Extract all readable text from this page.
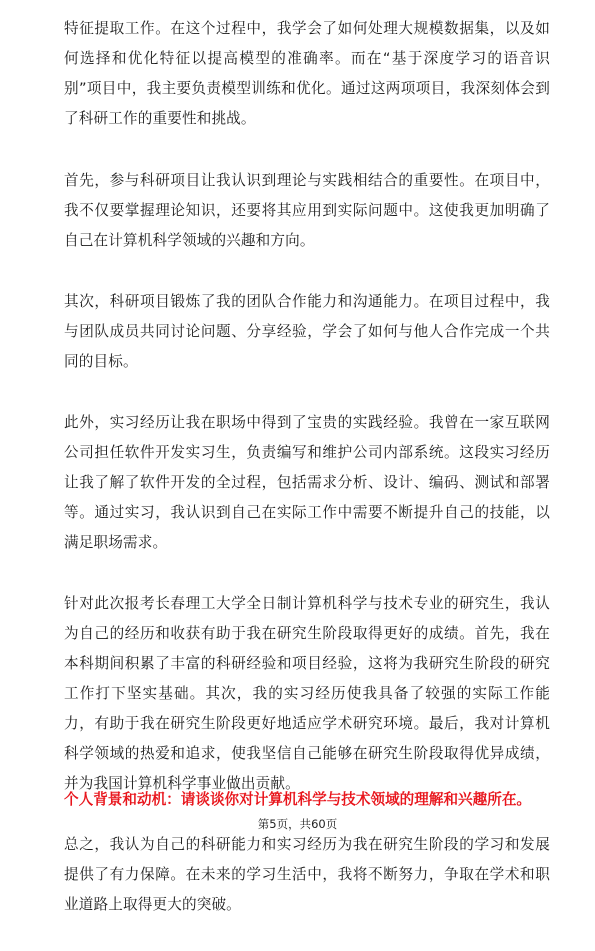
特征提取工作。在这个过程中，我学会了如何处理大规模数据集，以及如何选择和优化特征以提高模型的准确率。而在“基于深度学习的语音识别”项目中，我主要负责模型训练和优化。通过这两项项目，我深刻体会到了科研工作的重要性和挑战。

首先，参与科研项目让我认识到理论与实践相结合的重要性。在项目中，我不仅要掌握理论知识，还要将其应用到实际问题中。这使我更加明确了自己在计算机科学领域的兴趣和方向。

其次，科研项目锻炼了我的团队合作能力和沟通能力。在项目过程中，我与团队成员共同讨论问题、分享经验，学会了如何与他人合作完成一个共同的目标。

此外，实习经历让我在职场中得到了宝贵的实践经验。我曾在一家互联网公司担任软件开发实习生，负责编写和维护公司内部系统。这段实习经历让我了解了软件开发的全过程，包括需求分析、设计、编码、测试和部署等。通过实习，我认识到自己在实际工作中需要不断提升自己的技能，以满足职场需求。

针对此次报考长春理工大学全日制计算机科学与技术专业的研究生，我认为自己的经历和收获有助于我在研究生阶段取得更好的成绩。首先，我在本科期间积累了丰富的科研经验和项目经验，这将为我研究生阶段的研究工作打下坚实基础。其次，我的实习经历使我具备了较强的实际工作能力，有助于我在研究生阶段更好地适应学术研究环境。最后，我对计算机科学领域的热爱和追求，使我坚信自己能够在研究生阶段取得优异成绩，并为我国计算机科学事业做出贡献。

总之，我认为自己的科研能力和实习经历为我在研究生阶段的学习和发展提供了有力保障。在未来的学习生活中，我将不断努力，争取在学术和职业道路上取得更大的突破。

个人背景和动机：请谈谈你对计算机科学与技术领域的理解和兴趣所在。
第5页，共60页
